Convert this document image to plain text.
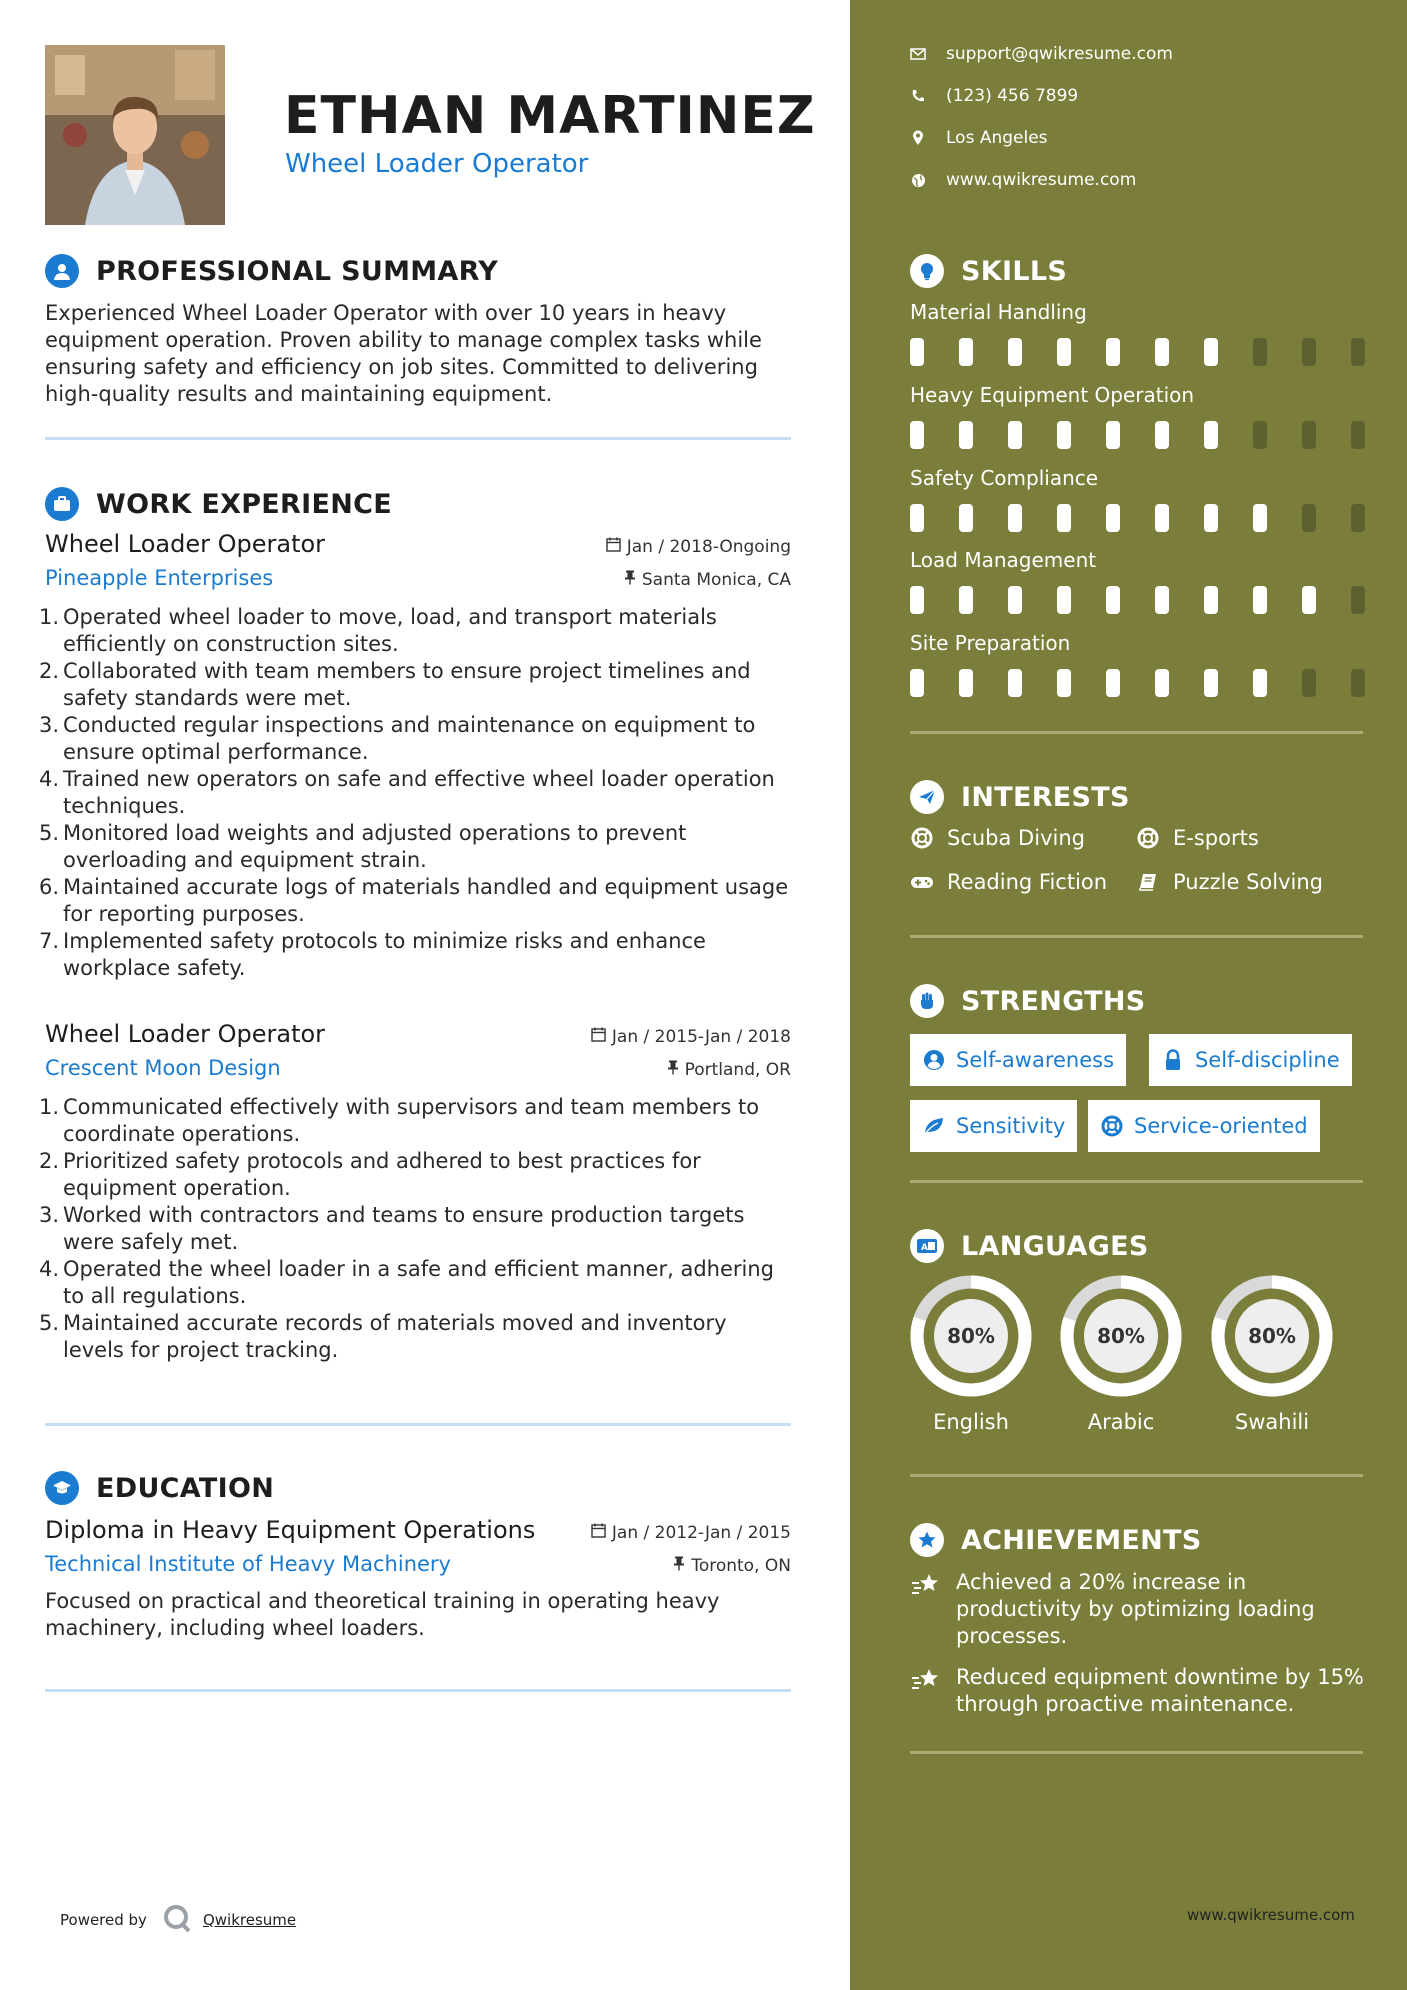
ETHAN MARTINEZ
Wheel Loader Operator
PROFESSIONAL SUMMARY
Experienced Wheel Loader Operator with over 10 years in heavy equipment operation. Proven ability to manage complex tasks while ensuring safety and efficiency on job sites. Committed to delivering high-quality results and maintaining equipment.
WORK EXPERIENCE
Wheel Loader Operator	Jan / 2018-Ongoing
Pineapple Enterprises	Santa Monica, CA
1. Operated wheel loader to move, load, and transport materials efficiently on construction sites.
2. Collaborated with team members to ensure project timelines and safety standards were met.
3. Conducted regular inspections and maintenance on equipment to ensure optimal performance.
4. Trained new operators on safe and effective wheel loader operation techniques.
5. Monitored load weights and adjusted operations to prevent overloading and equipment strain.
6. Maintained accurate logs of materials handled and equipment usage for reporting purposes.
7. Implemented safety protocols to minimize risks and enhance workplace safety.
Wheel Loader Operator	Jan / 2015-Jan / 2018
Crescent Moon Design	Portland, OR
1. Communicated effectively with supervisors and team members to coordinate operations.
2. Prioritized safety protocols and adhered to best practices for equipment operation.
3. Worked with contractors and teams to ensure production targets were safely met.
4. Operated the wheel loader in a safe and efficient manner, adhering to all regulations.
5. Maintained accurate records of materials moved and inventory levels for project tracking.
EDUCATION
Diploma in Heavy Equipment Operations	Jan / 2012-Jan / 2015
Technical Institute of Heavy Machinery	Toronto, ON
Focused on practical and theoretical training in operating heavy machinery, including wheel loaders.
Powered by	Qwikresume
support@qwikresume.com
(123) 456 7899
Los Angeles
www.qwikresume.com
SKILLS
Material Handling
Heavy Equipment Operation
Safety Compliance
Load Management
Site Preparation
INTERESTS
Scuba Diving	E-sports
Reading Fiction	Puzzle Solving
STRENGTHS
Self-awareness	Self-discipline
Sensitivity	Service-oriented
A LANGUAGES
80%
English
80%
Arabic
80%
Swahili
ACHIEVEMENTS
Achieved a 20% increase in productivity by optimizing loading processes.
Reduced equipment downtime by 15% through proactive maintenance.
www.qwikresume.com
